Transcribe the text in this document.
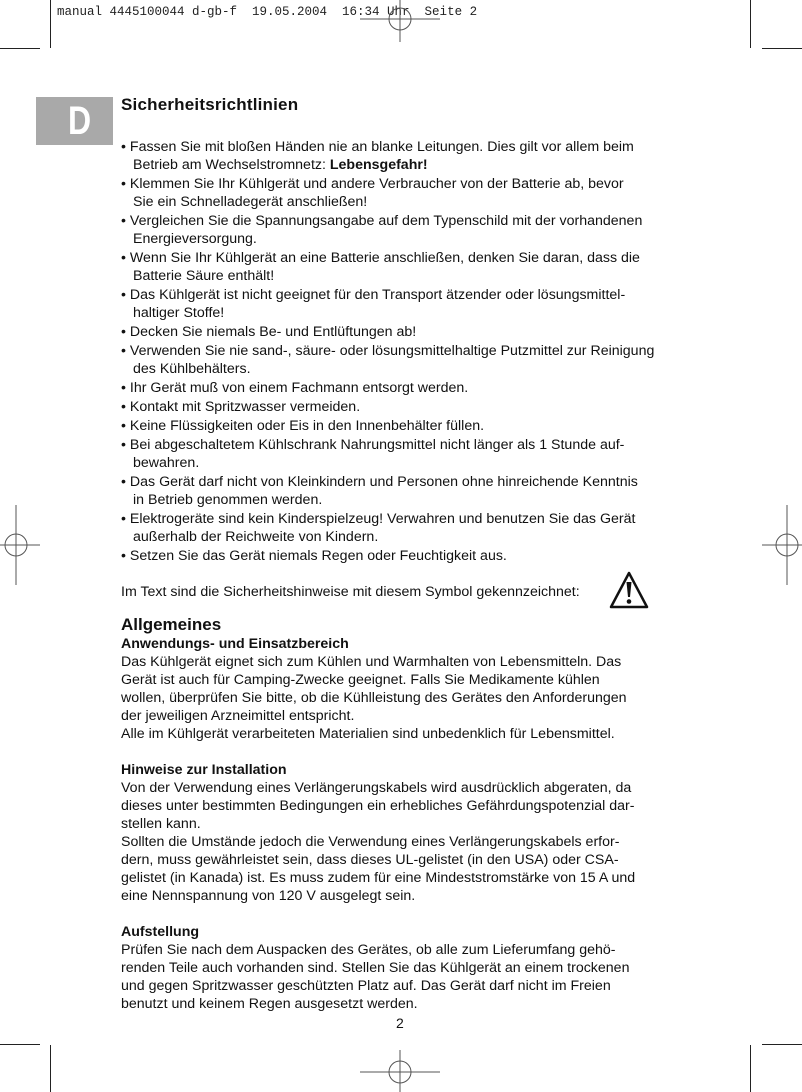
manual 4445100044 d-gb-f  19.05.2004  16:34 Uhr  Seite 2
D Sicherheitsrichtlinien
• Fassen Sie mit bloßen Händen nie an blanke Leitungen. Dies gilt vor allem beim
Betrieb am Wechselstromnetz: Lebensgefahr!
• Klemmen Sie Ihr Kühlgerät und andere Verbraucher von der Batterie ab, bevor
Sie ein Schnelladegerät anschließen!
• Vergleichen Sie die Spannungsangabe auf dem Typenschild mit der vorhandenen
Energieversorgung.
• Wenn Sie Ihr Kühlgerät an eine Batterie anschließen, denken Sie daran, dass die
Batterie Säure enthält!
• Das Kühlgerät ist nicht geeignet für den Transport ätzender oder lösungsmittel-
haltiger Stoffe!
• Decken Sie niemals Be- und Entlüftungen ab!
• Verwenden Sie nie sand-, säure- oder lösungsmittelhaltige Putzmittel zur Reinigung
des Kühlbehälters.
• Ihr Gerät muß von einem Fachmann entsorgt werden.
• Kontakt mit Spritzwasser vermeiden.
• Keine Flüssigkeiten oder Eis in den Innenbehälter füllen.
• Bei abgeschaltetem Kühlschrank Nahrungsmittel nicht länger als 1 Stunde auf-
bewahren.
• Das Gerät darf nicht von Kleinkindern und Personen ohne hinreichende Kenntnis
in Betrieb genommen werden.
• Elektrogeräte sind kein Kinderspielzeug! Verwahren und benutzen Sie das Gerät
außerhalb der Reichweite von Kindern.
• Setzen Sie das Gerät niemals Regen oder Feuchtigkeit aus.
Im Text sind die Sicherheitshinweise mit diesem Symbol gekennzeichnet:
Allgemeines
Anwendungs- und Einsatzbereich
Das Kühlgerät eignet sich zum Kühlen und Warmhalten von Lebensmitteln. Das
Gerät ist auch für Camping-Zwecke geeignet. Falls Sie Medikamente kühlen
wollen, überprüfen Sie bitte, ob die Kühlleistung des Gerätes den Anforderungen
der jeweiligen Arzneimittel entspricht.
Alle im Kühlgerät verarbeiteten Materialien sind unbedenklich für Lebensmittel.
Hinweise zur Installation
Von der Verwendung eines Verlängerungskabels wird ausdrücklich abgeraten, da
dieses unter bestimmten Bedingungen ein erhebliches Gefährdungspotenzial dar-
stellen kann.
Sollten die Umstände jedoch die Verwendung eines Verlängerungskabels erfor-
dern, muss gewährleistet sein, dass dieses UL-gelistet (in den USA) oder CSA-
gelistet (in Kanada) ist. Es muss zudem für eine Mindeststromstärke von 15 A und
eine Nennspannung von 120 V ausgelegt sein.
Aufstellung
Prüfen Sie nach dem Auspacken des Gerätes, ob alle zum Lieferumfang gehö-
renden Teile auch vorhanden sind. Stellen Sie das Kühlgerät an einem trockenen
und gegen Spritzwasser geschützten Platz auf. Das Gerät darf nicht im Freien
benutzt und keinem Regen ausgesetzt werden.
2
